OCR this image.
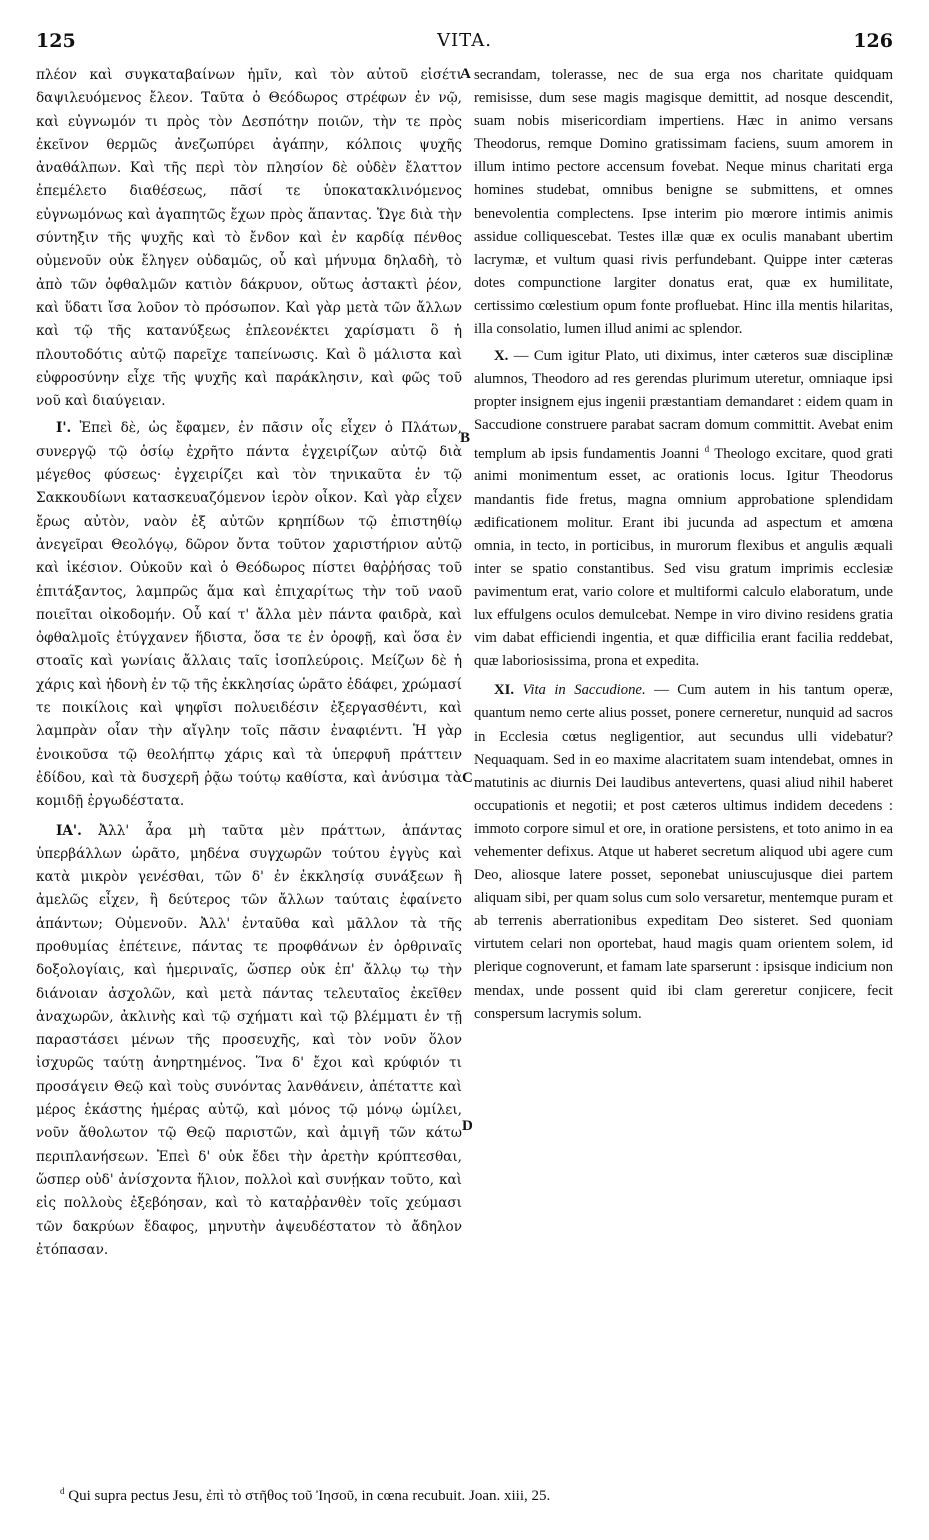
125	VITA.	126

πλέον καὶ συγκαταβαίνων ἡμῖν, καὶ τὸν αὐτοῦ εἰσέτι δαψιλευόμενος ἔλεον. Ταῦτα ὁ Θεόδωρος στρέφων ἐν νῷ, καὶ εὐγνωμόν τι πρὸς τὸν Δεσπότην ποιῶν, τὴν τε πρὸς ἐκεῖνον θερμῶς ἀνεζωπύρει ἀγάπην, κόλποις ψυχῆς ἀναθάλπων. Καὶ τῆς περὶ τὸν πλησίον δὲ οὐδὲν ἔλαττον ἐπεμέλετο διαθέσεως, πᾶσί τε ὑποκατακλινόμενος εὐγνωμόνως καὶ ἀγαπητῶς ἔχων πρὸς ἅπαντας. Ὥγε διὰ τὴν σύντηξιν τῆς ψυχῆς καὶ τὸ ἔνδον καὶ ἐν καρδίᾳ πένθος οὐμενοῦν οὐκ ἔληγεν οὐδαμῶς, οὗ καὶ μήνυμα δηλαδὴ, τὸ ἀπὸ τῶν ὀφθαλμῶν κατιὸν δάκρυον, οὕτως ἀστακτὶ ῥέον, καὶ ὕδατι ἴσα λοῦον τὸ πρόσωπον. Καὶ γὰρ μετὰ τῶν ἄλλων καὶ τῷ τῆς κατανύξεως ἐπλεονέκτει χαρίσματι ὃ ἡ πλουτοδότις αὐτῷ παρεῖχε ταπείνωσις. Καὶ ὃ μάλιστα καὶ εὐφροσύνην εἶχε τῆς ψυχῆς καὶ παράκλησιν, καὶ φῶς τοῦ νοῦ καὶ διαύγειαν.

Ι'. Ἐπεὶ δὲ, ὡς ἔφαμεν, ἐν πᾶσιν οἷς εἶχεν ὁ Πλάτων, συνεργῷ τῷ ὁσίῳ ἐχρῆτο πάντα ἐγχειρίζων αὐτῷ διὰ μέγεθος φύσεως· ἐγχειρίζει καὶ τὸν τηνικαῦτα ἐν τῷ Σακκουδίωνι κατασκευαζόμενον ἱερὸν οἶκον. Καὶ γὰρ εἶχεν ἔρως αὐτὸν, ναὸν ἐξ αὐτῶν κρηπίδων τῷ ἐπιστηθίῳ ἀνεγεῖραι Θεολόγῳ, δῶρον ὄντα τοῦτον χαριστήριον αὐτῷ καὶ ἱκέσιον. Οὐκοῦν καὶ ὁ Θεόδωρος πίστει θαῤῥήσας τοῦ ἐπιτάξαντος, λαμπρῶς ἅμα καὶ ἐπιχαρίτως τὴν τοῦ ναοῦ ποιεῖται οἰκοδομήν. Οὗ καί τ' ἄλλα μὲν πάντα φαιδρὰ, καὶ ὀφθαλμοῖς ἐτύγχανεν ἥδιστα, ὅσα τε ἐν ὀροφῇ, καὶ ὅσα ἐν στοαῖς καὶ γωνίαις ἄλλαις ταῖς ἰσοπλεύροις. Μείζων δὲ ἡ χάρις καὶ ἡδονὴ ἐν τῷ τῆς ἐκκλησίας ὡρᾶτο ἐδάφει, χρώμασί τε ποικίλοις καὶ ψηφῖσι πολυειδέσιν ἐξεργασθέντι, καὶ λαμπρὰν οἷαν τὴν αἴγλην τοῖς πᾶσιν ἐναφιέντι. Ἡ γὰρ ἐνοικοῦσα τῷ θεολήπτῳ χάρις καὶ τὰ ὑπερφυῆ πράττειν ἐδίδου, καὶ τὰ δυσχερῆ ῥᾷω τούτῳ καθίστα, καὶ ἀνύσιμα τὰ κομιδῇ ἐργωδέστατα.

ΙΑ'. Ἀλλ' ἆρα μὴ ταῦτα μὲν πράττων, ἁπάντας ὑπερβάλλων ὡρᾶτο, μηδένα συγχωρῶν τούτου ἐγγὺς καὶ κατὰ μικρὸν γενέσθαι, τῶν δ' ἐν ἐκκλησίᾳ συνάξεων ἢ ἀμελῶς εἶχεν, ἢ δεύτερος τῶν ἄλλων ταύταις ἐφαίνετο ἁπάντων; Οὐμενοῦν. Ἀλλ' ἐνταῦθα καὶ μᾶλλον τὰ τῆς προθυμίας ἐπέτεινε, πάντας τε προφθάνων ἐν ὀρθριναῖς δοξολογίαις, καὶ ἡμεριναῖς, ὥσπερ οὐκ ἐπ' ἄλλῳ τῳ τὴν διάνοιαν ἀσχολῶν, καὶ μετὰ πάντας τελευταῖος ἐκεῖθεν ἀναχωρῶν, ἀκλινὴς καὶ τῷ σχήματι καὶ τῷ βλέμματι ἐν τῇ παραστάσει μένων τῆς προσευχῆς, καὶ τὸν νοῦν ὅλον ἰσχυρῶς ταύτῃ ἀνηρτημένος. Ἵνα δ' ἔχοι καὶ κρύφιόν τι προσάγειν Θεῷ καὶ τοὺς συνόντας λανθάνειν, ἀπέταττε καὶ μέρος ἑκάστης ἡμέρας αὐτῷ, καὶ μόνος τῷ μόνῳ ὡμίλει, νοῦν ἄθολωτον τῷ Θεῷ παριστῶν, καὶ ἀμιγῆ τῶν κάτω περιπλανήσεων. Ἐπεὶ δ' οὐκ ἔδει τὴν ἀρετὴν κρύπτεσθαι, ὥσπερ οὐδ' ἀνίσχοντα ἥλιον, πολλοὶ καὶ συνῄκαν τοῦτο, καὶ εἰς πολλοὺς ἐξεβόησαν, καὶ τὸ καταῤῥανθὲν τοῖς χεύμασι τῶν δακρύων ἔδαφος, μηνυτὴν ἀψευδέστατον τὸ ἄδηλον ἐτόπασαν.

A
B
C
D

secrandam, tolerasse, nec de sua erga nos charitate quidquam remisisse, dum sese magis magisque demittit, ad nosque descendit, suam nobis misericordiam impertiens. Hæc in animo versans Theodorus, remque Domino gratissimam faciens, suum amorem in illum intimo pectore accensum fovebat. Neque minus charitati erga homines studebat, omnibus benigne se submittens, et omnes benevolentia complectens. Ipse interim pio mœrore intimis animis assidue colliquescebat. Testes illæ quæ ex oculis manabant ubertim lacrymæ, et vultum quasi rivis perfundebant. Quippe inter cæteras dotes compunctione largiter donatus erat, quæ ex humilitate, certissimo cœlestium opum fonte profluebat. Hinc illa mentis hilaritas, illa consolatio, lumen illud animi ac splendor.

X. — Cum igitur Plato, uti diximus, inter cæteros suæ disciplinæ alumnos, Theodoro ad res gerendas plurimum uteretur, omniaque ipsi propter insignem ejus ingenii præstantiam demandaret : eidem quam in Saccudione construere parabat sacram domum committit. Avebat enim templum ab ipsis fundamentis Joanni $^d$ Theologo excitare, quod grati animi monimentum esset, ac orationis locus. Igitur Theodorus mandantis fide fretus, magna omnium approbatione splendidam ædificationem molitur. Erant ibi jucunda ad aspectum et amœna omnia, in tecto, in porticibus, in murorum flexibus et angulis æquali inter se spatio constantibus. Sed visu gratum imprimis ecclesiæ pavimentum erat, vario colore et multiformi calculo elaboratum, unde lux effulgens oculos demulcebat. Nempe in viro divino residens gratia vim dabat efficiendi ingentia, et quæ difficilia erant facilia reddebat, quæ laboriosissima, prona et expedita.

XI. Vita in Saccudione. — Cum autem in his tantum operæ, quantum nemo certe alius posset, ponere cerneretur, nunquid ad sacros in Ecclesia cœtus negligentior, aut secundus ulli videbatur? Nequaquam. Sed in eo maxime alacritatem suam intendebat, omnes in matutinis ac diurnis Dei laudibus antevertens, quasi aliud nihil haberet occupationis et negotii; et post cæteros ultimus indidem decedens : immoto corpore simul et ore, in oratione persistens, et toto animo in ea vehementer defixus. Atque ut haberet secretum aliquod ubi agere cum Deo, aliosque latere posset, seponebat uniuscujusque diei partem aliquam sibi, per quam solus cum solo versaretur, mentemque puram et ab terrenis aberrationibus expeditam Deo sisteret. Sed quoniam virtutem celari non oportebat, haud magis quam orientem solem, id plerique cognoverunt, et famam late sparserunt : ipsisque indicium non mendax, unde possent quid ibi clam gereretur conjicere, fecit conspersum lacrymis solum.

$^d$ Qui supra pectus Jesu, ἐπὶ τὸ στῆθος τοῦ Ἰησοῦ, in cœna recubuit. Joan. xiii, 25.
